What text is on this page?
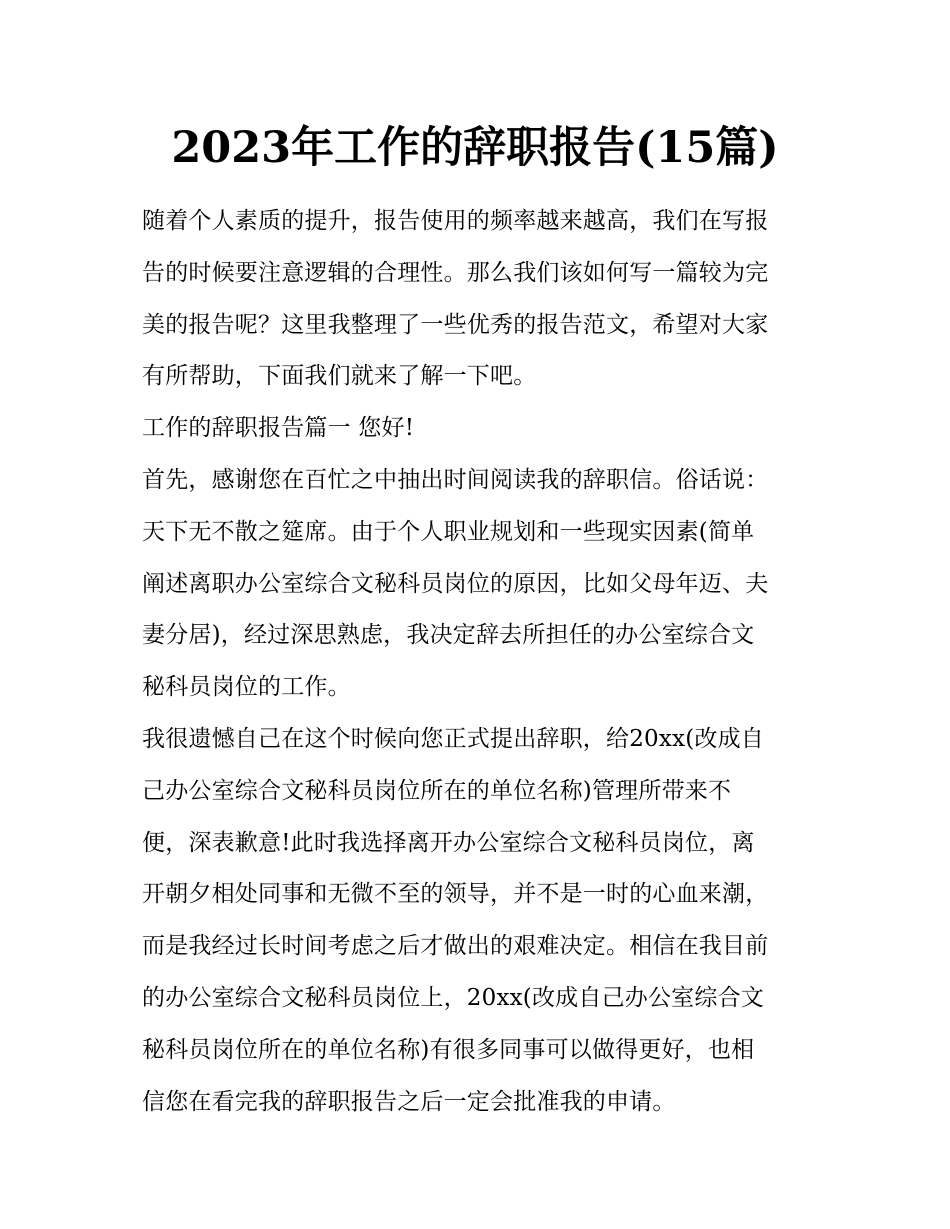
2023年工作的辞职报告(15篇)
随着个人素质的提升，报告使用的频率越来越高，我们在写报
告的时候要注意逻辑的合理性。那么我们该如何写一篇较为完
美的报告呢？这里我整理了一些优秀的报告范文，希望对大家
有所帮助，下面我们就来了解一下吧。
工作的辞职报告篇一 您好!
首先，感谢您在百忙之中抽出时间阅读我的辞职信。俗话说：
天下无不散之筵席。由于个人职业规划和一些现实因素(简单
阐述离职办公室综合文秘科员岗位的原因，比如父母年迈、夫
妻分居)，经过深思熟虑，我决定辞去所担任的办公室综合文
秘科员岗位的工作。
我很遗憾自己在这个时候向您正式提出辞职，给20xx(改成自
己办公室综合文秘科员岗位所在的单位名称)管理所带来不
便，深表歉意!此时我选择离开办公室综合文秘科员岗位，离
开朝夕相处同事和无微不至的领导，并不是一时的心血来潮，
而是我经过长时间考虑之后才做出的艰难决定。相信在我目前
的办公室综合文秘科员岗位上，20xx(改成自己办公室综合文
秘科员岗位所在的单位名称)有很多同事可以做得更好，也相
信您在看完我的辞职报告之后一定会批准我的申请。
